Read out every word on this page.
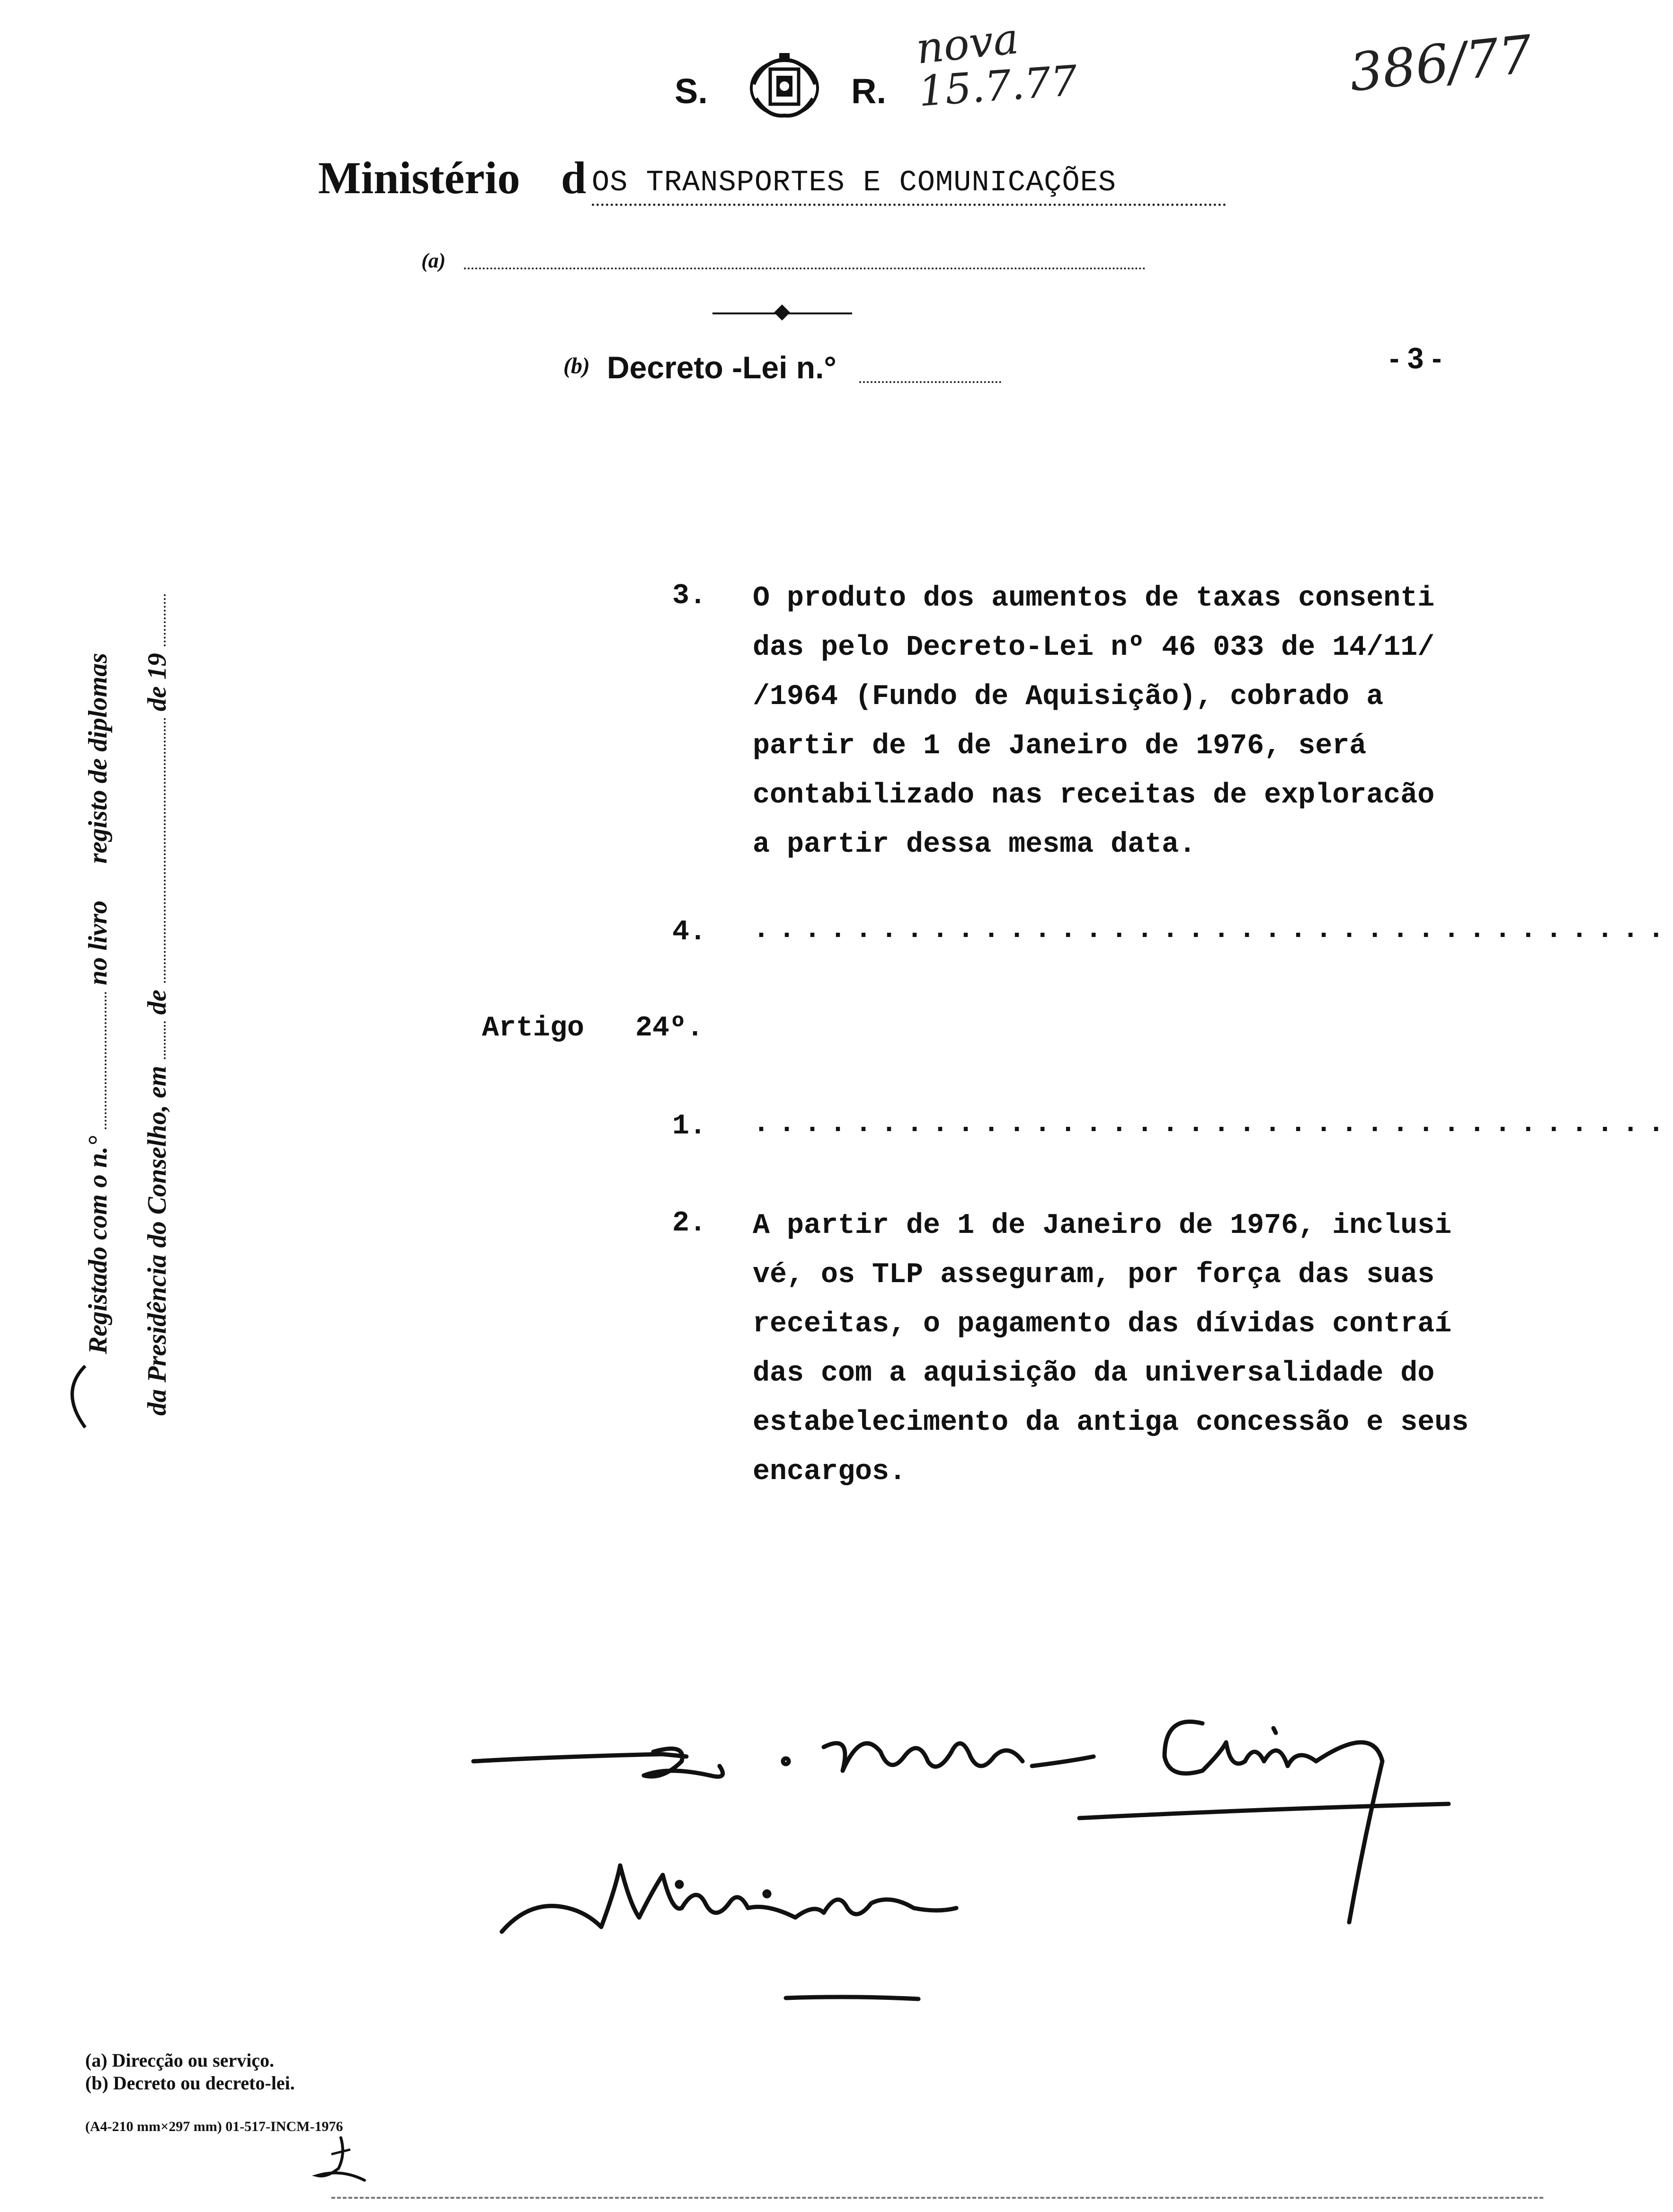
nova
15.7.77	386/77
S.	R.
Ministério d OS TRANSPORTES E COMUNICAÇÕES
(a)
(b) Decreto -Lei n.°	- 3 -
Registado com o n.°  no livro  registo de diplomas
da Presidência do Conselho, em  de  de 19
3. O produto dos aumentos de taxas consenti
das pelo Decreto-Lei nº 46 033 de 14/11/
/1964 (Fundo de Aquisição), cobrado a
partir de 1 de Janeiro de 1976, será
contabilizado nas receitas de exploracão
a partir dessa mesma data.
4. ....................................
Artigo   24º.
1. ....................................
2. A partir de 1 de Janeiro de 1976, inclusi
vé, os TLP asseguram, por força das suas
receitas, o pagamento das dívidas contraí
das com a aquisição da universalidade do
estabelecimento da antiga concessão e seus
encargos.
(a) Direcção ou serviço.
(b) Decreto ou decreto-lei.
(A4-210 mm×297 mm) 01-517-INCM-1976
